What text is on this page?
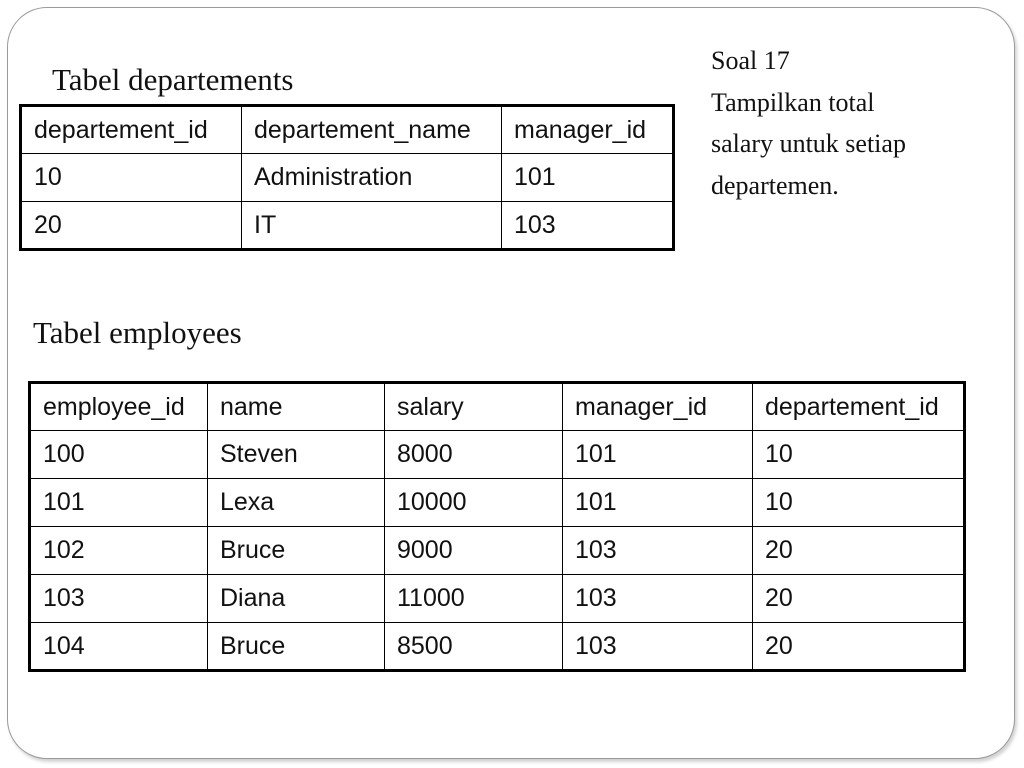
Tabel departements
departement_id	departement_name	manager_id
10	Administration	101
20	IT	103
Soal 17
Tampilkan total
salary untuk setiap
departemen.
Tabel employees
employee_id	name	salary	manager_id	departement_id
100	Steven	8000	101	10
101	Lexa	10000	101	10
102	Bruce	9000	103	20
103	Diana	11000	103	20
104	Bruce	8500	103	20
